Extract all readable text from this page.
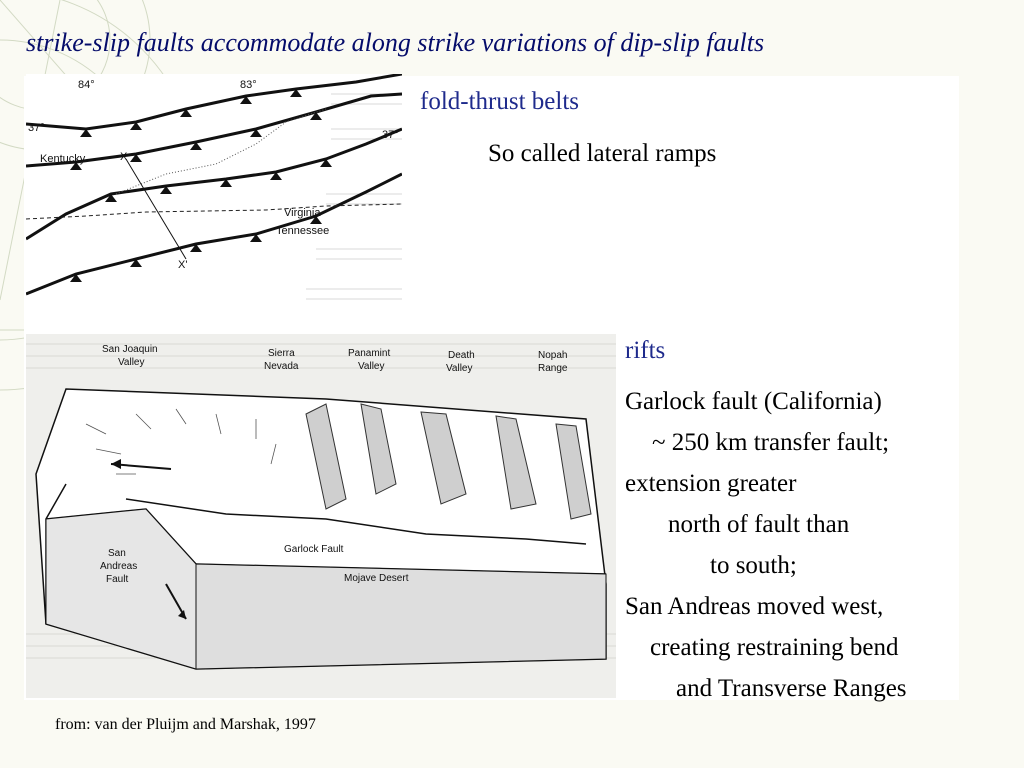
strike-slip faults accommodate along strike variations of dip-slip faults
84°	83°
37°
37°
Kentucky
Virginia
Tennessee
X
X'
San Joaquin
Valley
Sierra
Nevada
Panamint
Valley
Death
Valley
Nopah
Range
San
Andreas
Fault
Garlock Fault
Mojave Desert
fold-thrust belts
So called lateral ramps
rifts
Garlock fault (California)
~ 250 km transfer fault;
extension greater
north of fault than
to south;
San Andreas moved west,
creating restraining bend
and Transverse Ranges
from: van der Pluijm and Marshak, 1997
